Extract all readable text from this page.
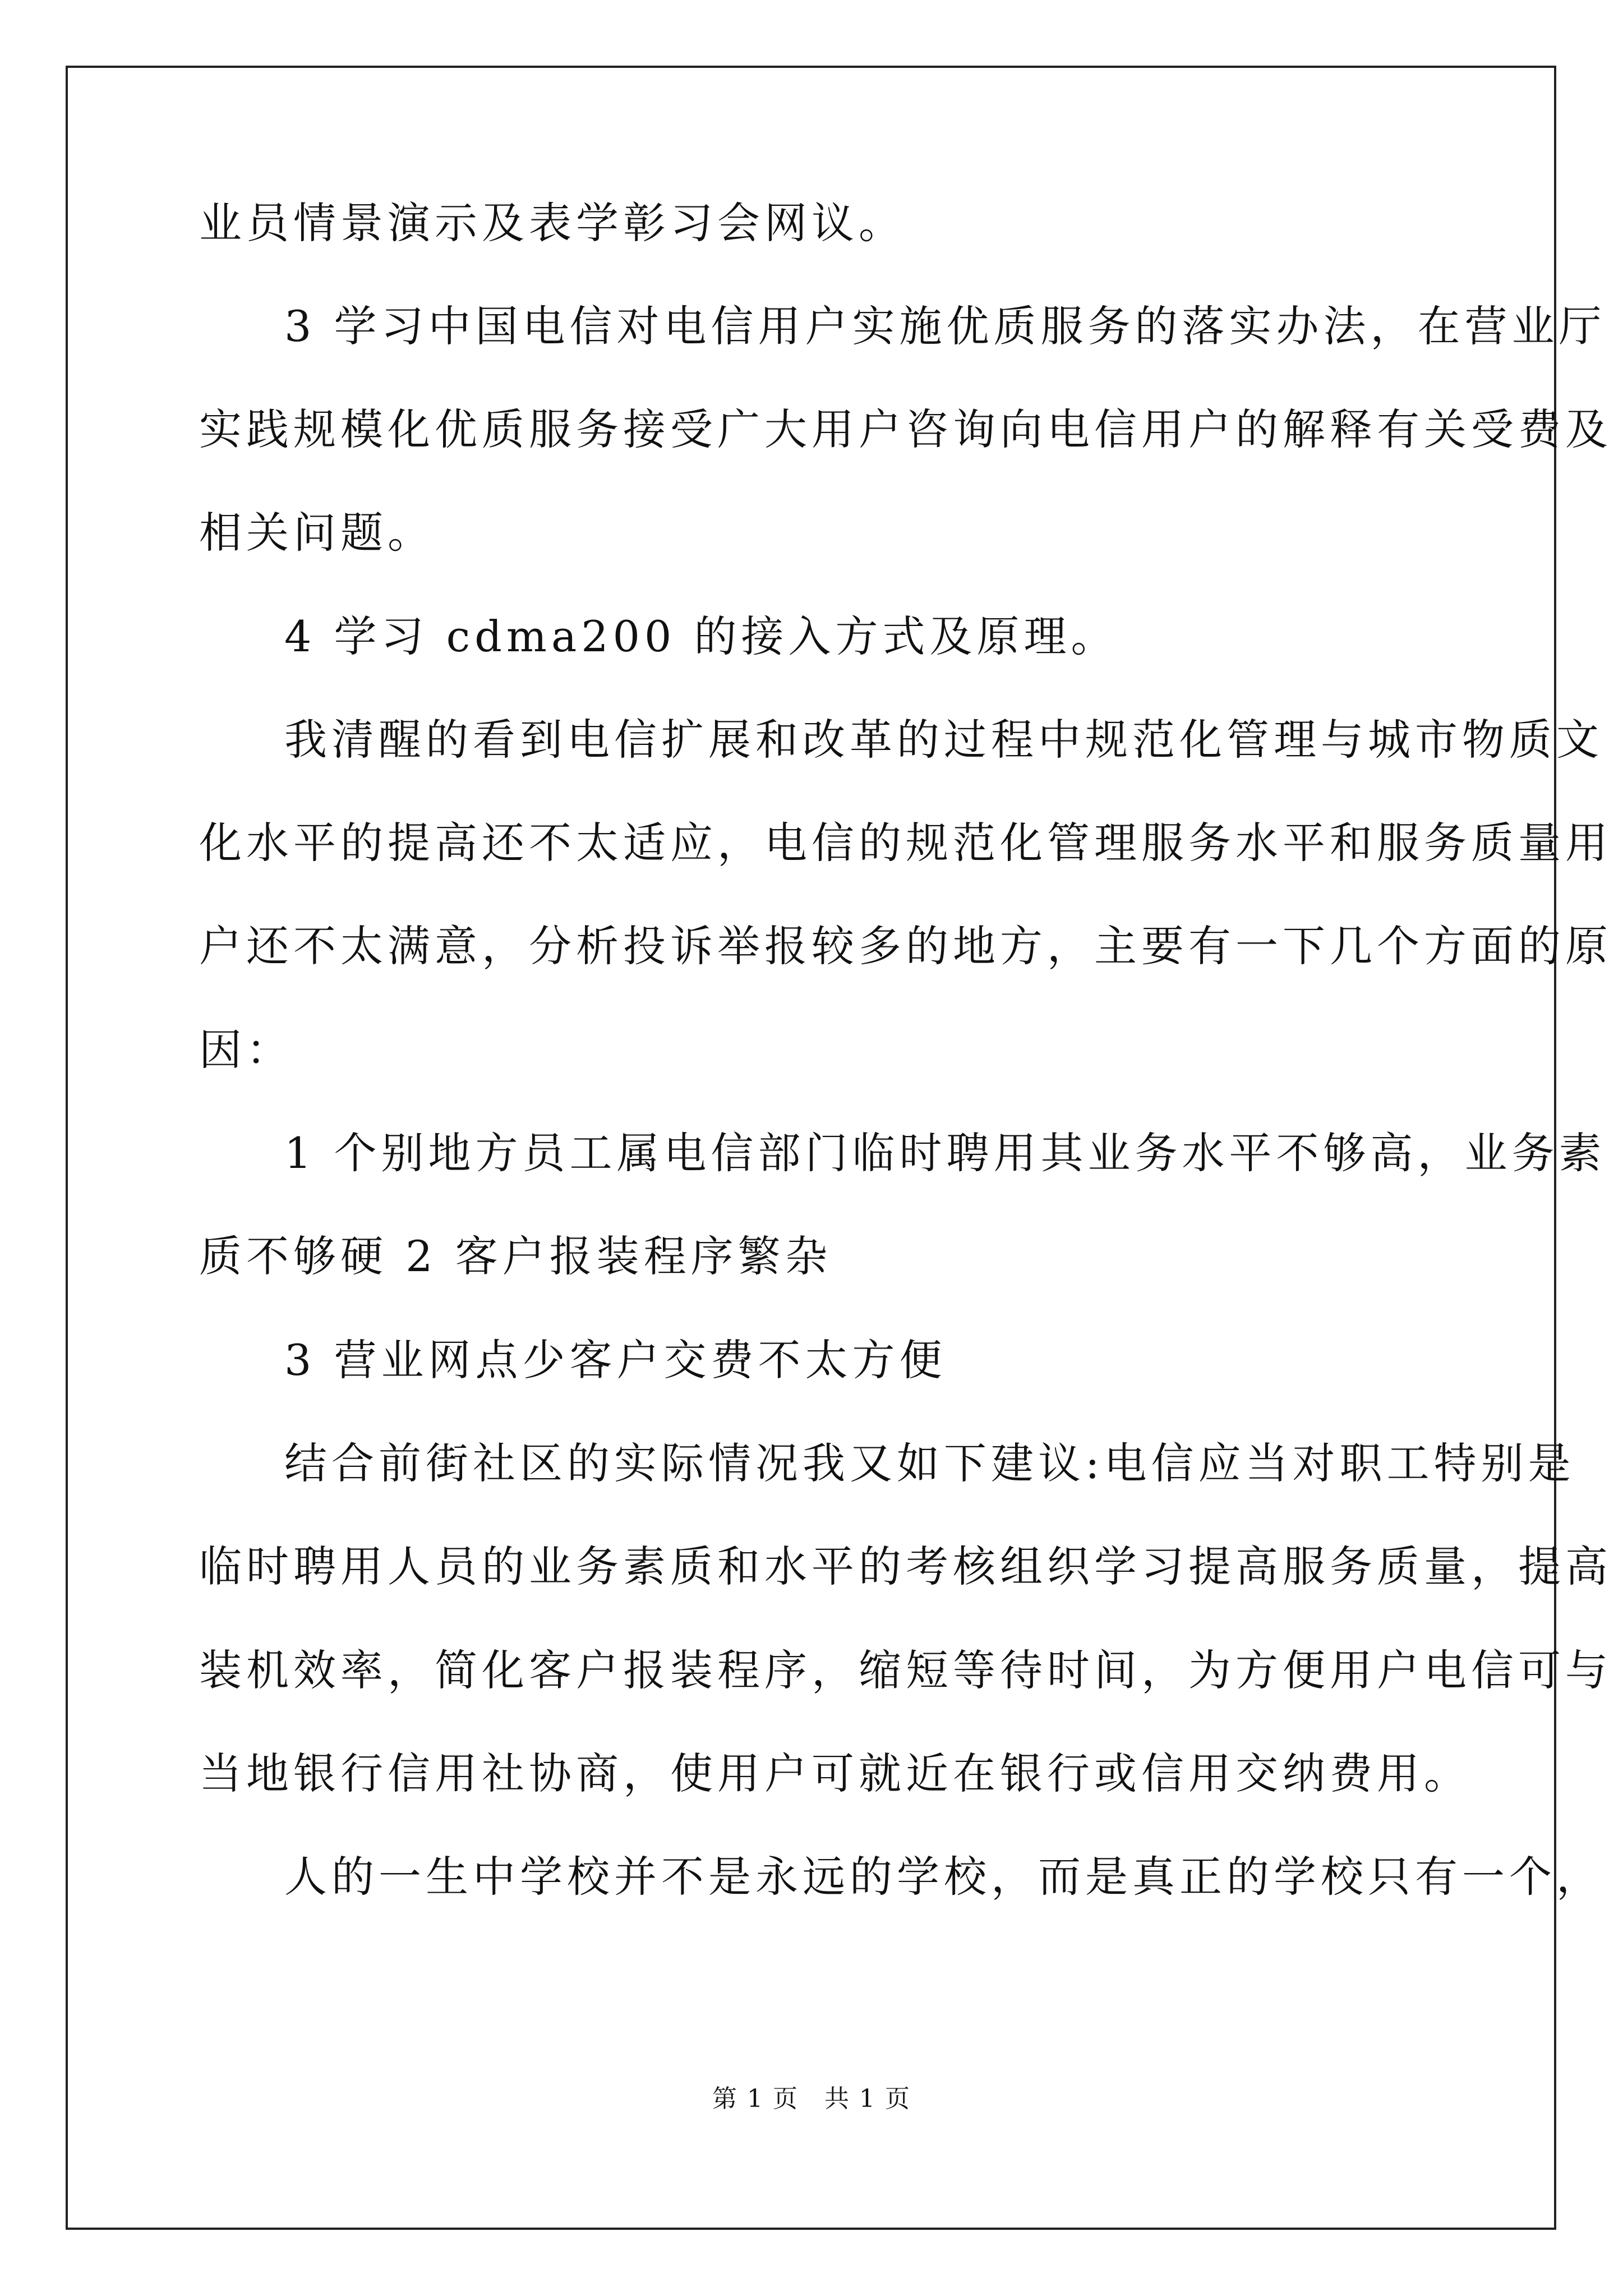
业员情景演示及表学彰习会网议。
3 学习中国电信对电信用户实施优质服务的落实办法，在营业厅
实践规模化优质服务接受广大用户咨询向电信用户的解释有关受费及
相关问题。
4 学习 cdma200 的接入方式及原理。
我清醒的看到电信扩展和改革的过程中规范化管理与城市物质文
化水平的提高还不太适应，电信的规范化管理服务水平和服务质量用
户还不太满意，分析投诉举报较多的地方，主要有一下几个方面的原
因：
1 个别地方员工属电信部门临时聘用其业务水平不够高，业务素
质不够硬 2 客户报装程序繁杂
3 营业网点少客户交费不太方便
结合前街社区的实际情况我又如下建议:电信应当对职工特别是
临时聘用人员的业务素质和水平的考核组织学习提高服务质量，提高
装机效率，简化客户报装程序，缩短等待时间，为方便用户电信可与
当地银行信用社协商，使用户可就近在银行或信用交纳费用。
人的一生中学校并不是永远的学校，而是真正的学校只有一个，
第 1 页　共 1 页
